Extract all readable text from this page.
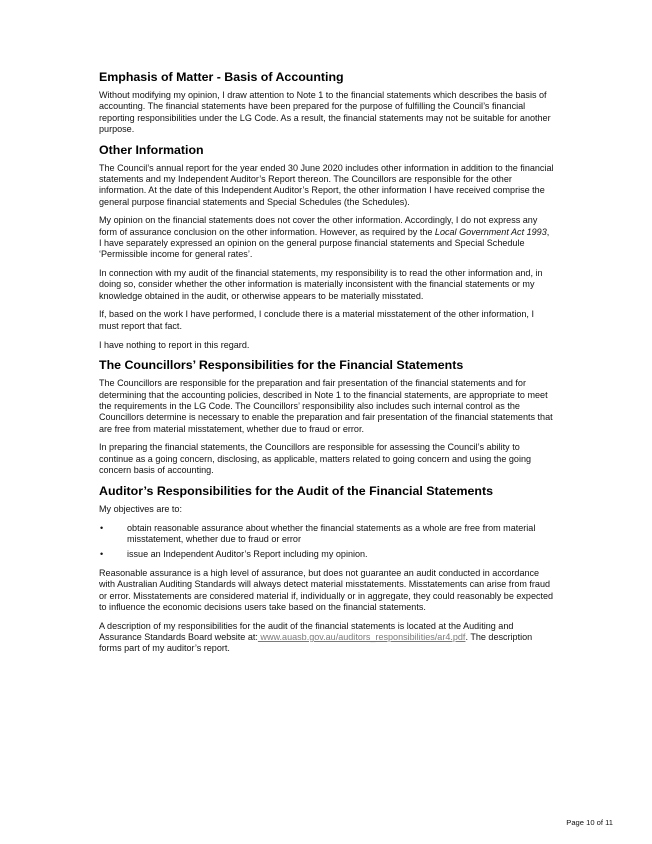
Emphasis of Matter - Basis of Accounting

Without modifying my opinion, I draw attention to Note 1 to the financial statements which describes the basis of accounting. The financial statements have been prepared for the purpose of fulfilling the Council’s financial reporting responsibilities under the LG Code. As a result, the financial statements may not be suitable for another purpose.

Other Information

The Council’s annual report for the year ended 30 June 2020 includes other information in addition to the financial statements and my Independent Auditor’s Report thereon. The Councillors are responsible for the other information. At the date of this Independent Auditor’s Report, the other information I have received comprise the general purpose financial statements and Special Schedules (the Schedules).

My opinion on the financial statements does not cover the other information. Accordingly, I do not express any form of assurance conclusion on the other information. However, as required by the Local Government Act 1993, I have separately expressed an opinion on the general purpose financial statements and Special Schedule ‘Permissible income for general rates’.

In connection with my audit of the financial statements, my responsibility is to read the other information and, in doing so, consider whether the other information is materially inconsistent with the financial statements or my knowledge obtained in the audit, or otherwise appears to be materially misstated.

If, based on the work I have performed, I conclude there is a material misstatement of the other information, I must report that fact.

I have nothing to report in this regard.

The Councillors’ Responsibilities for the Financial Statements

The Councillors are responsible for the preparation and fair presentation of the financial statements and for determining that the accounting policies, described in Note 1 to the financial statements, are appropriate to meet the requirements in the LG Code. The Councillors’ responsibility also includes such internal control as the Councillors determine is necessary to enable the preparation and fair presentation of the financial statements that are free from material misstatement, whether due to fraud or error.

In preparing the financial statements, the Councillors are responsible for assessing the Council’s ability to continue as a going concern, disclosing, as applicable, matters related to going concern and using the going concern basis of accounting.

Auditor’s Responsibilities for the Audit of the Financial Statements

My objectives are to:

• obtain reasonable assurance about whether the financial statements as a whole are free from material misstatement, whether due to fraud or error
• issue an Independent Auditor’s Report including my opinion.

Reasonable assurance is a high level of assurance, but does not guarantee an audit conducted in accordance with Australian Auditing Standards will always detect material misstatements. Misstatements can arise from fraud or error. Misstatements are considered material if, individually or in aggregate, they could reasonably be expected to influence the economic decisions users take based on the financial statements.

A description of my responsibilities for the audit of the financial statements is located at the Auditing and Assurance Standards Board website at: www.auasb.gov.au/auditors_responsibilities/ar4.pdf. The description forms part of my auditor’s report.

Page 10 of 11
